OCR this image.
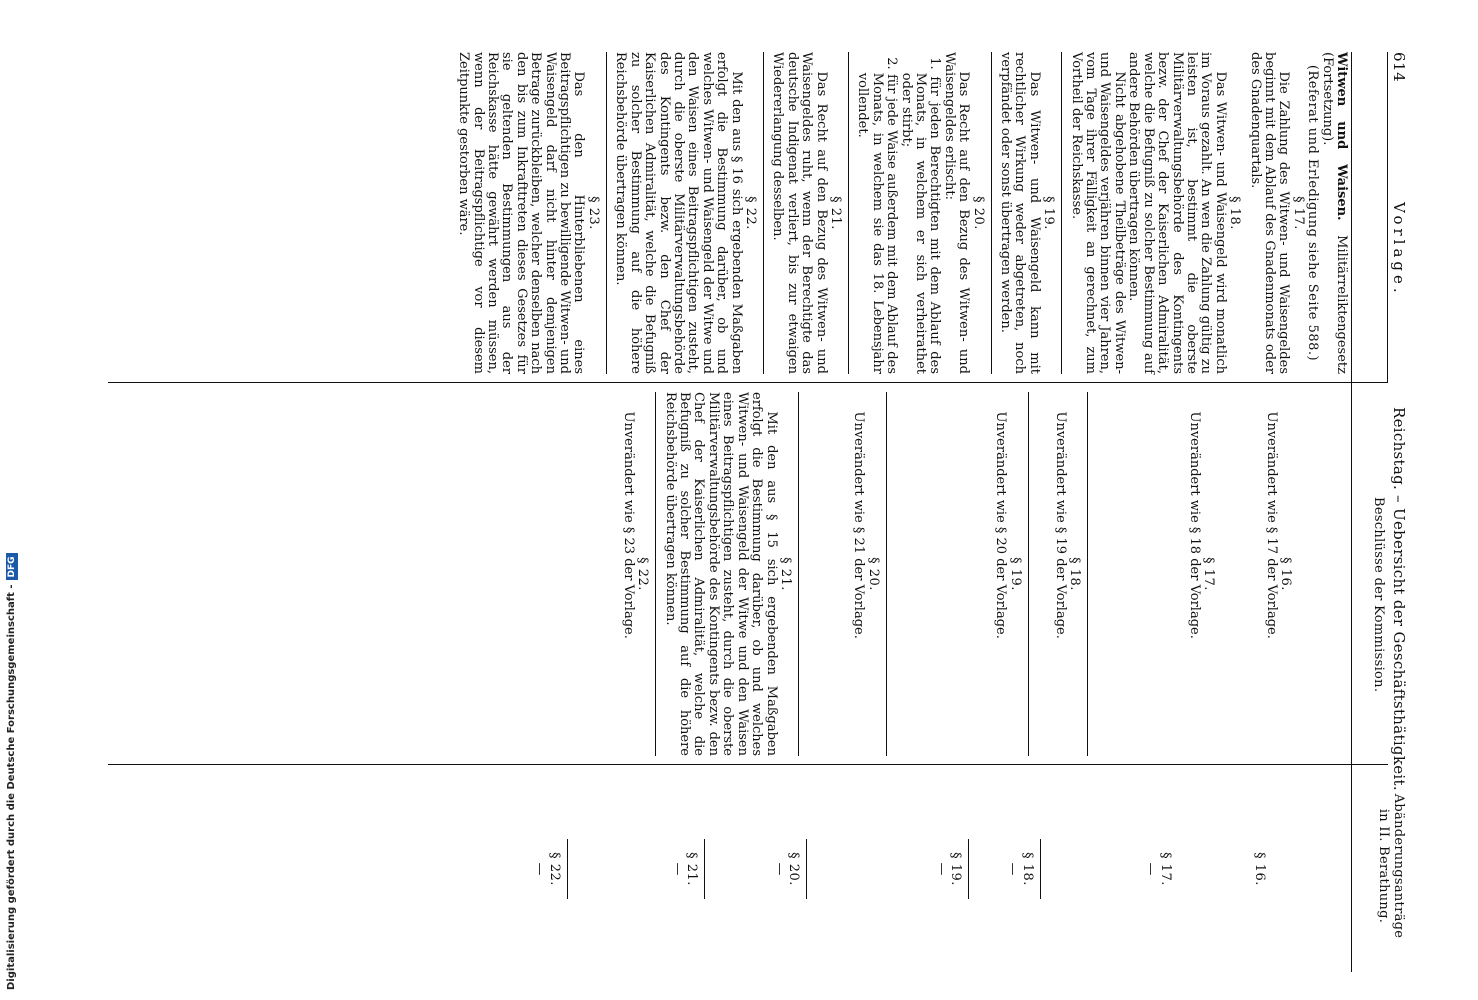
614
Vorlage.
Reichstag. – Uebersicht der Geschäftsthätigkeit.
Beschlüsse der Kommission.
Abänderungsanträge
in II. Berathung.

Witwen und Waisen. Militärreliktengesetz (Fortsetzung).

(Referat und Erledigung siehe Seite 588.)

§ 17.

Die Zahlung des Witwen- und Waisengeldes beginnt mit dem Ablauf des Gnadenmonats oder des Gnadenquartals.

§ 18.

Das Witwen- und Waisengeld wird monatlich im Voraus gezahlt. An wen die Zahlung gültig zu leisten ist, bestimmt die oberste Militärverwaltungsbehörde des Kontingents bezw. der Chef der Kaiserlichen Admiralität, welche die Befugniß zu solcher Bestimmung auf andere Behörden übertragen können.

Nicht abgehobene Theilbeträge des Witwen- und Waisengeldes verjähren binnen vier Jahren, vom Tage ihrer Fälligkeit an gerechnet, zum Vortheil der Reichskasse.

§ 19.

Das Witwen- und Waisengeld kann mit rechtlicher Wirkung weder abgetreten, noch verpfändet oder sonst übertragen werden.

§ 20.

Das Recht auf den Bezug des Witwen- und Waisengeldes erlischt:

1. für jeden Berechtigten mit dem Ablauf des Monats, in welchem er sich verheirathet oder stirbt;

2. für jede Waise außerdem mit dem Ablauf des Monats, in welchem sie das 18. Lebensjahr vollendet.

§ 21.

Das Recht auf den Bezug des Witwen- und Waisengeldes ruht, wenn der Berechtigte das deutsche Indigenat verliert, bis zur etwaigen Wiedererlangung desselben.

§ 22.

Mit den aus § 16 sich ergebenden Maßgaben erfolgt die Bestimmung darüber, ob und welches Witwen- und Waisengeld der Witwe und den Waisen eines Beitragspflichtigen zusteht, durch die oberste Militärverwaltungsbehörde des Kontingents bezw. den Chef der Kaiserlichen Admiralität, welche die Befugniß zu solcher Bestimmung auf die höhere Reichsbehörde übertragen können.

§ 23.

Das den Hinterbliebenen eines Beitragspflichtigen zu bewilligende Witwen- und Waisengeld darf nicht hinter demjenigen Betrage zurückbleiben, welcher denselben nach den bis zum Inkrafttreten dieses Gesetzes für sie geltenden Bestimmungen aus der Reichskasse hätte gewährt werden müssen, wenn der Beitragspflichtige vor diesem Zeitpunkte gestorben wäre.

§ 16.

Unverändert wie § 17 der Vorlage.

§ 17.

Unverändert wie § 18 der Vorlage.

§ 18.

Unverändert wie § 19 der Vorlage.

§ 19.

Unverändert wie § 20 der Vorlage.

§ 20.

Unverändert wie § 21 der Vorlage.

§ 21.

Mit den aus § 15 sich ergebenden Maßgaben erfolgt die Bestimmung darüber, ob und welches Witwen- und Waisengeld der Witwe und den Waisen eines Beitragspflichtigen zusteht, durch die oberste Militärverwaltungsbehörde des Kontingents bezw. den Chef der Kaiserlichen Admiralität, welche die Befugniß zu solcher Bestimmung auf die höhere Reichsbehörde übertragen können.

§ 22.

Unverändert wie § 23 der Vorlage.

§ 16.

§ 17.

—

§ 18.

—

§ 19.

—

§ 20.

—

§ 21.

—

§ 22.

—

Digitalisierung gefördert durch die Deutsche Forschungsgemeinschaft -DFG
